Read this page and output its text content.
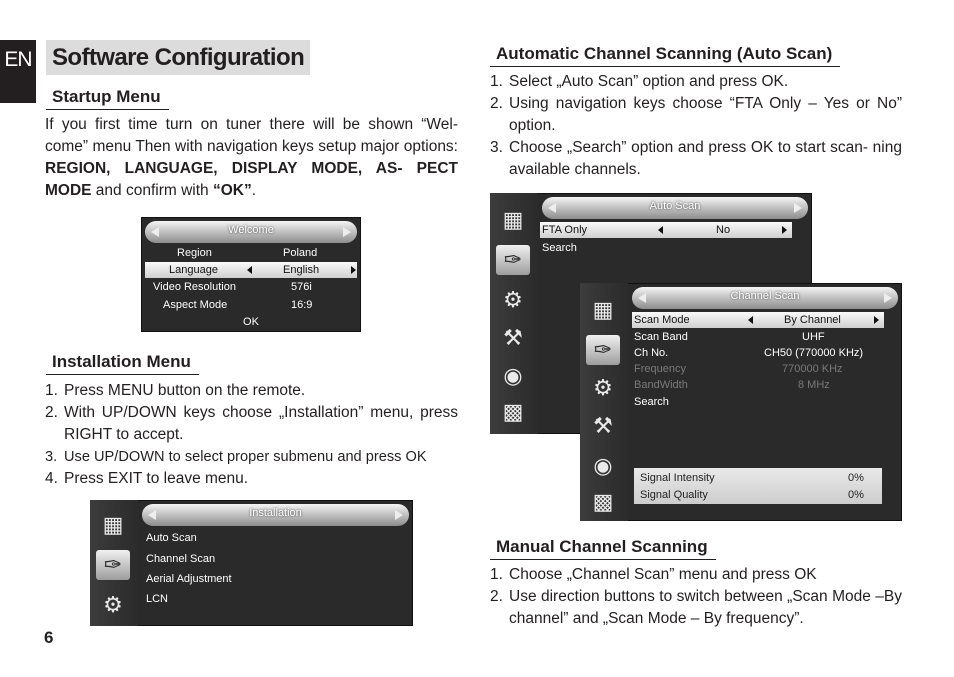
EN Software Configuration
Startup Menu
If you first time turn on tuner there will be shown “Wel- come” menu Then with navigation keys setup major options: REGION, LANGUAGE, DISPLAY MODE, AS- PECT MODE and confirm with “OK”.
Welcome
Region	Poland
Language	English
Video Resolution	576i
Aspect Mode	16:9
OK
Installation Menu
1. Press MENU button on the remote.
2. With UP/DOWN keys choose „Installation” menu, press RIGHT to accept.
3. Use UP/DOWN to select proper submenu and press OK
4. Press EXIT to leave menu.
▦
✑
⚙
Installation
Auto Scan
Channel Scan
Aerial Adjustment
LCN
6
Automatic Channel Scanning (Auto Scan)
1. Select „Auto Scan” option and press OK.
2. Using navigation keys choose “FTA Only – Yes or No” option.
3. Choose „Search” option and press OK to start scan- ning available channels.
▦
✑
⚙
⚒
◉
▩
Auto Scan
FTA Only	No
Search
▦
✑
⚙
⚒
◉
▩
Channel Scan
Scan Mode	By Channel
Scan Band	UHF
Ch No.	CH50 (770000 KHz)
Frequency	770000 KHz
BandWidth	8 MHz
Search
Signal Intensity	0%
Signal Quality	0%
Manual Channel Scanning
1. Choose „Channel Scan” menu and press OK
2. Use direction buttons to switch between „Scan Mode –By channel” and „Scan Mode – By frequency”.
